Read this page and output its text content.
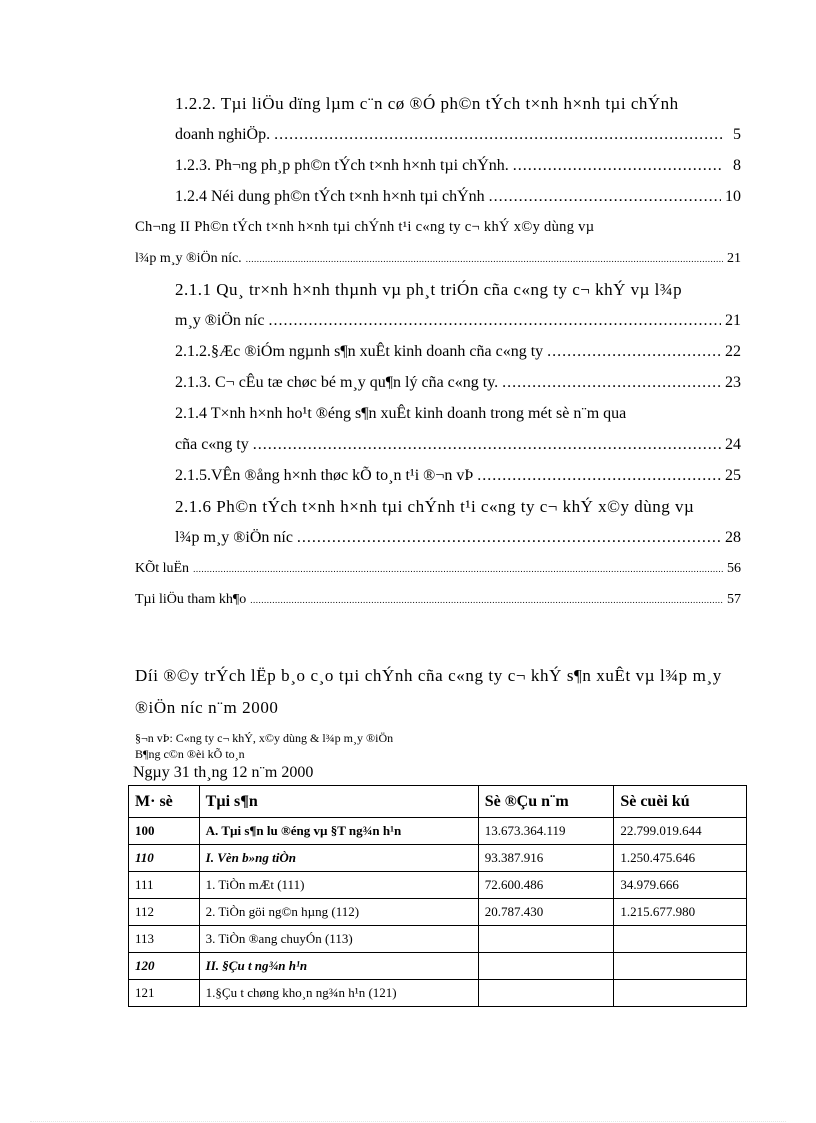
1.2.2. Tµi liÖu dïng lµm c¨n cø ®Ó ph©n tÝch t×nh h×nh tµi chÝnh
doanh nghiÖp. .....	5
1.2.3. Ph¬ng ph¸p ph©n tÝch t×nh h×nh tµi chÝnh. .....	8
1.2.4 Néi dung ph©n tÝch t×nh h×nh tµi chÝnh .....	10
Ch¬ng II Ph©n tÝch t×nh h×nh tµi chÝnh t¹i c«ng ty c¬ khÝ x©y dùng vµ
l¾p m¸y ®iÖn níc. .....	21
2.1.1 Qu¸ tr×nh h×nh thµnh vµ ph¸t triÓn cña c«ng ty c¬ khÝ vµ l¾p
m¸y ®iÖn níc .....	21
2.1.2.§Æc ®iÓm ngµnh s¶n xuÊt kinh doanh cña c«ng ty .....	22
2.1.3. C¬ cÊu tæ chøc bé m¸y qu¶n lý cña c«ng ty. .....	23
2.1.4 T×nh h×nh ho¹t ®éng s¶n xuÊt kinh doanh trong mét sè n¨m qua
cña c«ng ty .....	24
2.1.5.VÊn ®ång h×nh thøc kÕ to¸n t¹i ®¬n vÞ .....	25
2.1.6 Ph©n tÝch t×nh h×nh tµi chÝnh t¹i c«ng ty c¬ khÝ x©y dùng vµ
l¾p m¸y ®iÖn níc .....	28
KÕt luËn .....	56
Tµi liÖu tham kh¶o .....	57
Díi ®©y trÝch lËp b¸o c¸o tµi chÝnh cña c«ng ty c¬ khÝ s¶n xuÊt vµ l¾p m¸y ®iÖn níc n¨m 2000
§¬n vÞ: C«ng ty c¬ khÝ, x©y dùng & l¾p m¸y ®iÖn
B¶ng c©n ®èi kÕ to¸n
Ngµy 31 th¸ng 12 n¨m 2000
M· sè	Tµi s¶n	Sè ®Çu n¨m	Sè cuèi kú
100	A. Tµi s¶n lu ®éng vµ §T ng¾n h¹n	13.673.364.119	22.799.019.644
110	I. Vèn b»ng tiÒn	93.387.916	1.250.475.646
111	1. TiÒn mÆt (111)	72.600.486	34.979.666
112	2. TiÒn göi ng©n hµng (112)	20.787.430	1.215.677.980
113	3. TiÒn ®ang chuyÓn (113)		
120	II. §Çu t ng¾n h¹n		
121	1.§Çu t chøng kho¸n ng¾n h¹n (121)		
